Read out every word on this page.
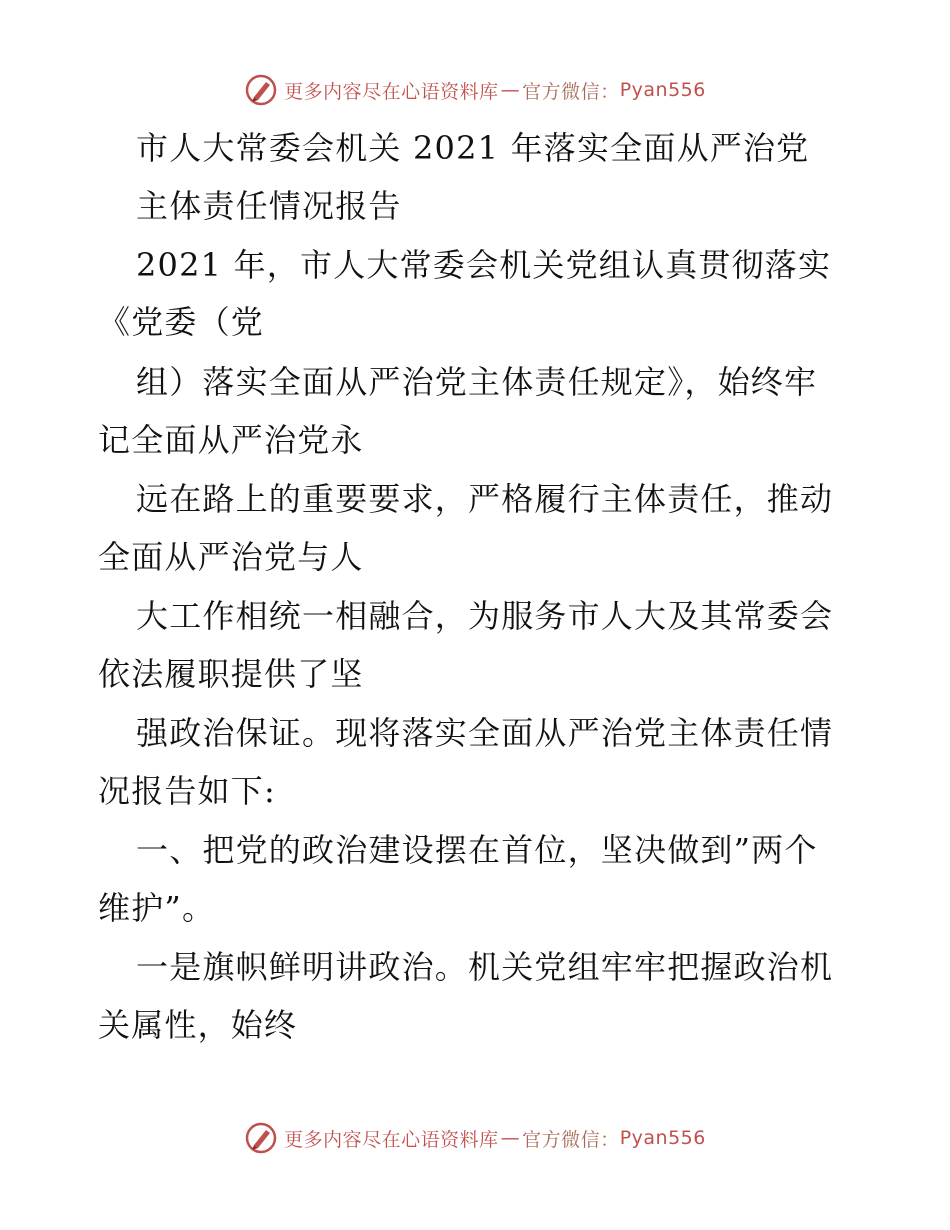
更多内容尽在心语资料库 — 官方微信： Pyan556
市人大常委会机关 2021 年落实全面从严治党
主体责任情况报告
2021 年，市人大常委会机关党组认真贯彻落实
《党委（党
组）落实全面从严治党主体责任规定》，始终牢
记全面从严治党永
远在路上的重要要求，严格履行主体责任，推动
全面从严治党与人
大工作相统一相融合，为服务市人大及其常委会
依法履职提供了坚
强政治保证。现将落实全面从严治党主体责任情
况报告如下:
一、把党的政治建设摆在首位，坚决做到”两个
维护”。
一是旗帜鲜明讲政治。机关党组牢牢把握政治机
关属性，始终
更多内容尽在心语资料库 — 官方微信： Pyan556
